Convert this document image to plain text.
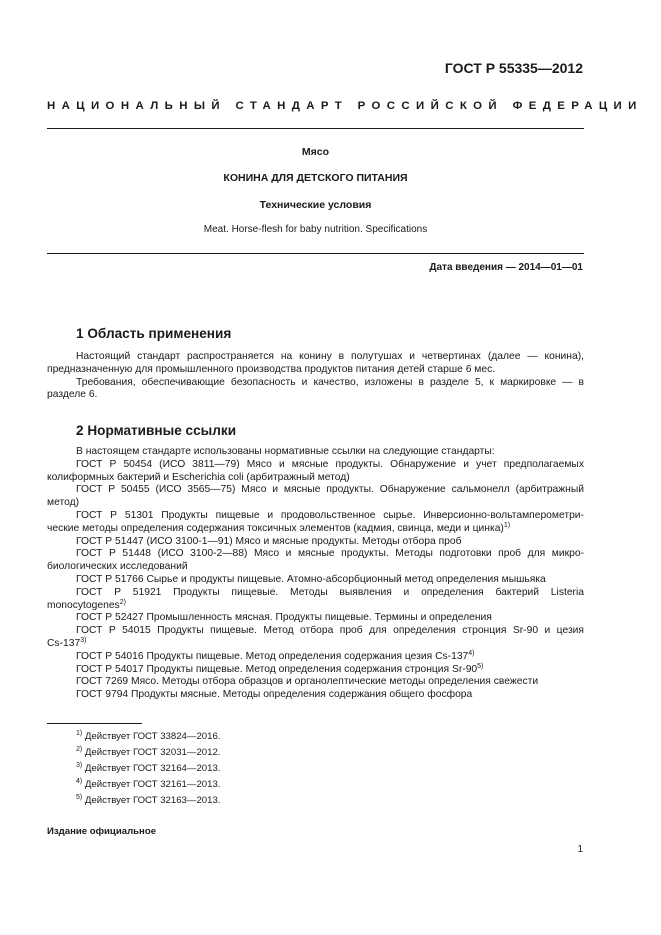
ГОСТ Р 55335—2012
НАЦИОНАЛЬНЫЙ СТАНДАРТ РОССИЙСКОЙ ФЕДЕРАЦИИ
Мясо
КОНИНА ДЛЯ ДЕТСКОГО ПИТАНИЯ
Технические условия
Meat. Horse-flesh for baby nutrition. Specifications
Дата введения — 2014—01—01
1 Область применения

Настоящий стандарт распространяется на конину в полутушах и четвертинах (далее — конина),

предназначенную для промышленного производства продуктов питания детей старше 6 мес.

Требования, обеспечивающие безопасность и качество, изложены в разделе 5, к маркировке — в

разделе 6.

2 Нормативные ссылки

В настоящем стандарте использованы нормативные ссылки на следующие стандарты:

ГОСТ Р 50454 (ИСО 3811—79) Мясо и мясные продукты. Обнаружение и учет предполагаемых

колиформных бактерий и Escherichia coli (арбитражный метод)

ГОСТ Р 50455 (ИСО 3565—75) Мясо и мясные продукты. Обнаружение сальмонелл (арбитражный

метод)

ГОСТ Р 51301 Продукты пищевые и продовольственное сырье. Инверсионно-вольтамперометри-

ческие методы определения содержания токсичных элементов (кадмия, свинца, меди и цинка)$^{1)}$

ГОСТ Р 51447 (ИСО 3100-1—91) Мясо и мясные продукты. Методы отбора проб

ГОСТ Р 51448 (ИСО 3100-2—88) Мясо и мясные продукты. Методы подготовки проб для микро-

биологических исследований

ГОСТ Р 51766 Сырье и продукты пищевые. Атомно-абсорбционный метод определения мышьяка

ГОСТ Р 51921 Продукты пищевые. Методы выявления и определения бактерий Listeria

monocytogenes$^{2)}$

ГОСТ Р 52427 Промышленность мясная. Продукты пищевые. Термины и определения

ГОСТ Р 54015 Продукты пищевые. Метод отбора проб для определения стронция Sr-90 и цезия

Cs-137$^{3)}$

ГОСТ Р 54016 Продукты пищевые. Метод определения содержания цезия Cs-137$^{4)}$

ГОСТ Р 54017 Продукты пищевые. Метод определения содержания стронция Sr-90$^{5)}$

ГОСТ 7269 Мясо. Методы отбора образцов и органолептические методы определения свежести

ГОСТ 9794 Продукты мясные. Методы определения содержания общего фосфора

$^{1)}$ Действует ГОСТ 33824—2016.
$^{2)}$ Действует ГОСТ 32031—2012.
$^{3)}$ Действует ГОСТ 32164—2013.
$^{4)}$ Действует ГОСТ 32161—2013.
$^{5)}$ Действует ГОСТ 32163—2013.
Издание официальное
1
